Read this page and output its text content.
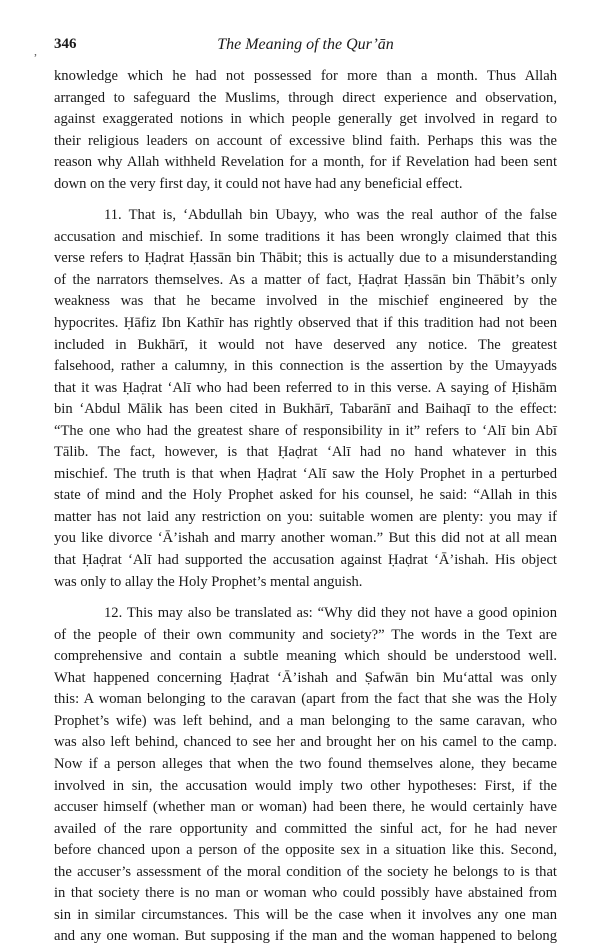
, 346	The Meaning of the Qur’ān
knowledge which he had not possessed for more than a month. Thus Allah
arranged to safeguard the Muslims, through direct experience and observation,
against exaggerated notions in which people generally get involved in regard to
their religious leaders on account of excessive blind faith. Perhaps this was the
reason why Allah withheld Revelation for a month, for if Revelation had been sent
down on the very first day, it could not have had any beneficial effect.
11. That is, ‘Abdullah bin Ubayy, who was the real author of the false
accusation and mischief. In some traditions it has been wrongly claimed that this
verse refers to Ḥaḍrat Ḥassān bin Thābit; this is actually due to a misunderstanding
of the narrators themselves. As a matter of fact, Ḥaḍrat Ḥassān bin Thābit’s only
weakness was that he became involved in the mischief engineered by the
hypocrites. Ḥāfiz Ibn Kathīr has rightly observed that if this tradition had not been
included in Bukhārī, it would not have deserved any notice. The greatest
falsehood, rather a calumny, in this connection is the assertion by the Umayyads
that it was Ḥaḍrat ‘Alī who had been referred to in this verse. A saying of Ḥishām
bin ‘Abdul Mālik has been cited in Bukhārī, Tabarānī and Baihaqī to the effect:
“The one who had the greatest share of responsibility in it” refers to ‘Alī bin Abī
Tālib. The fact, however, is that Ḥaḍrat ‘Alī had no hand whatever in this
mischief. The truth is that when Ḥaḍrat ‘Alī saw the Holy Prophet in a perturbed
state of mind and the Holy Prophet asked for his counsel, he said: “Allah in this
matter has not laid any restriction on you: suitable women are plenty: you may if
you like divorce ‘Ā’ishah and marry another woman.” But this did not at all mean
that Ḥaḍrat ‘Alī had supported the accusation against Ḥaḍrat ‘Ā’ishah. His object
was only to allay the Holy Prophet’s mental anguish.
12. This may also be translated as: “Why did they not have a good opinion
of the people of their own community and society?” The words in the Text are
comprehensive and contain a subtle meaning which should be understood well.
What happened concerning Ḥaḍrat ‘Ā’ishah and Ṣafwān bin Mu‘attal was only
this: A woman belonging to the caravan (apart from the fact that she was the Holy
Prophet’s wife) was left behind, and a man belonging to the same caravan, who
was also left behind, chanced to see her and brought her on his camel to the camp.
Now if a person alleges that when the two found themselves alone, they became
involved in sin, the accusation would imply two other hypotheses: First, if the
accuser himself (whether man or woman) had been there, he would certainly have
availed of the rare opportunity and committed the sinful act, for he had never
before chanced upon a person of the opposite sex in a situation like this. Second,
the accuser’s assessment of the moral condition of the society he belongs to is that
in that society there is no man or woman who could possibly have abstained from
sin in similar circumstances. This will be the case when it involves any one man
and any one woman. But supposing if the man and the woman happened to belong
